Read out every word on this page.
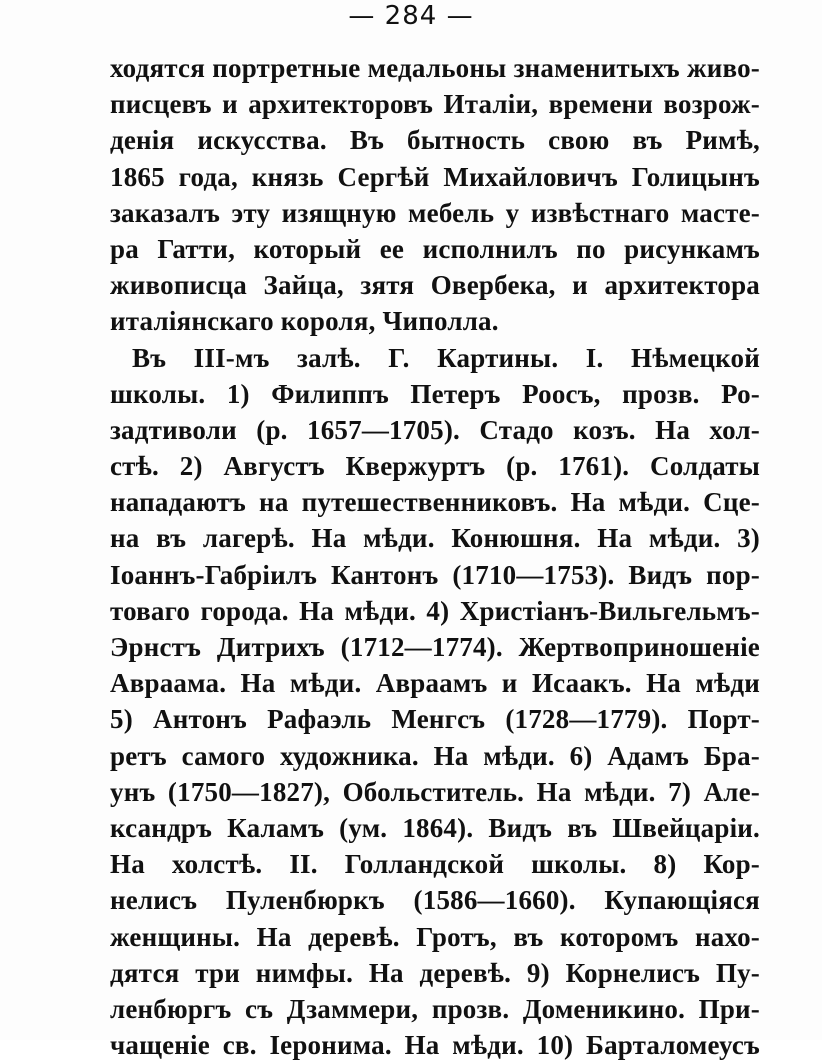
— 284 —
ходятся портретные медальоны знаменитыхъ живо-
писцевъ и архитекторовъ Италіи, времени возрож-
денія искусства. Въ бытность свою въ Римѣ,
1865 года, князь Сергѣй Михайловичъ Голицынъ
заказалъ эту изящную мебель у извѣстнаго масте-
ра Гатти, который ее исполнилъ по рисункамъ
живописца Зайца, зятя Овербека, и архитектора
италіянскаго короля, Чиполла.
Въ III-мъ залѣ. Г. Картины. I. Нѣмецкой
школы. 1) Филиппъ Петеръ Роосъ, прозв. Ро-
задтиволи (р. 1657—1705). Стадо козъ. На хол-
стѣ. 2) Августъ Квержуртъ (р. 1761). Солдаты
нападаютъ на путешественниковъ. На мѣди. Сце-
на въ лагерѣ. На мѣди. Конюшня. На мѣди. 3)
Іоаннъ-Габріилъ Кантонъ (1710—1753). Видъ пор-
товаго города. На мѣди. 4) Христіанъ-Вильгельмъ-
Эрнстъ Дитрихъ (1712—1774). Жертвоприношеніе
Авраама. На мѣди. Авраамъ и Исаакъ. На мѣди
5) Антонъ Рафаэль Менгсъ (1728—1779). Порт-
ретъ самого художника. На мѣди. 6) Адамъ Бра-
унъ (1750—1827), Обольститель. На мѣди. 7) Але-
ксандръ Каламъ (ум. 1864). Видъ въ Швейцаріи.
На холстѣ. II. Голландской школы. 8) Кор-
нелисъ Пуленбюркъ (1586—1660). Купающіяся
женщины. На деревѣ. Гротъ, въ которомъ нахо-
дятся три нимфы. На деревѣ. 9) Корнелисъ Пу-
ленбюргъ съ Дзаммери, прозв. Доменикино. При-
чащеніе св. Іеронима. На мѣди. 10) Барталомеусъ
